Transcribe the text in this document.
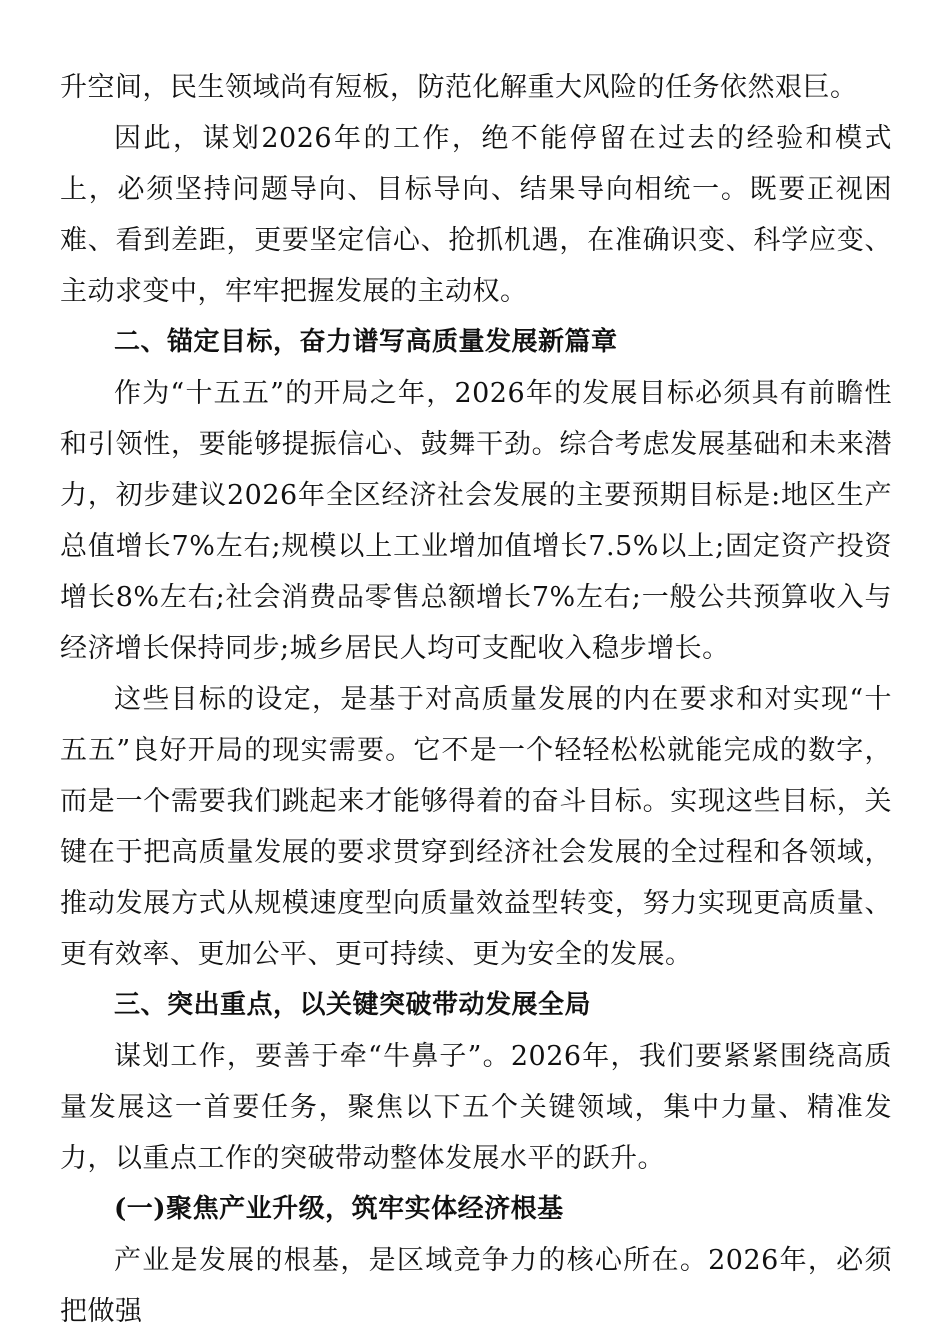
升空间，民生领域尚有短板，防范化解重大风险的任务依然艰巨。

因此，谋划2026年的工作，绝不能停留在过去的经验和模式上，必须坚持问题导向、目标导向、结果导向相统一。既要正视困难、看到差距，更要坚定信心、抢抓机遇，在准确识变、科学应变、主动求变中，牢牢把握发展的主动权。

二、锚定目标，奋力谱写高质量发展新篇章

作为“十五五”的开局之年，2026年的发展目标必须具有前瞻性和引领性，要能够提振信心、鼓舞干劲。综合考虑发展基础和未来潜力，初步建议2026年全区经济社会发展的主要预期目标是:地区生产总值增长7%左右;规模以上工业增加值增长7.5%以上;固定资产投资增长8%左右;社会消费品零售总额增长7%左右;一般公共预算收入与经济增长保持同步;城乡居民人均可支配收入稳步增长。

这些目标的设定，是基于对高质量发展的内在要求和对实现“十五五”良好开局的现实需要。它不是一个轻轻松松就能完成的数字，而是一个需要我们跳起来才能够得着的奋斗目标。实现这些目标，关键在于把高质量发展的要求贯穿到经济社会发展的全过程和各领域，推动发展方式从规模速度型向质量效益型转变，努力实现更高质量、更有效率、更加公平、更可持续、更为安全的发展。

三、突出重点，以关键突破带动发展全局

谋划工作，要善于牵“牛鼻子”。2026年，我们要紧紧围绕高质量发展这一首要任务，聚焦以下五个关键领域，集中力量、精准发力，以重点工作的突破带动整体发展水平的跃升。

(一)聚焦产业升级，筑牢实体经济根基

产业是发展的根基，是区域竞争力的核心所在。2026年，必须把做强
